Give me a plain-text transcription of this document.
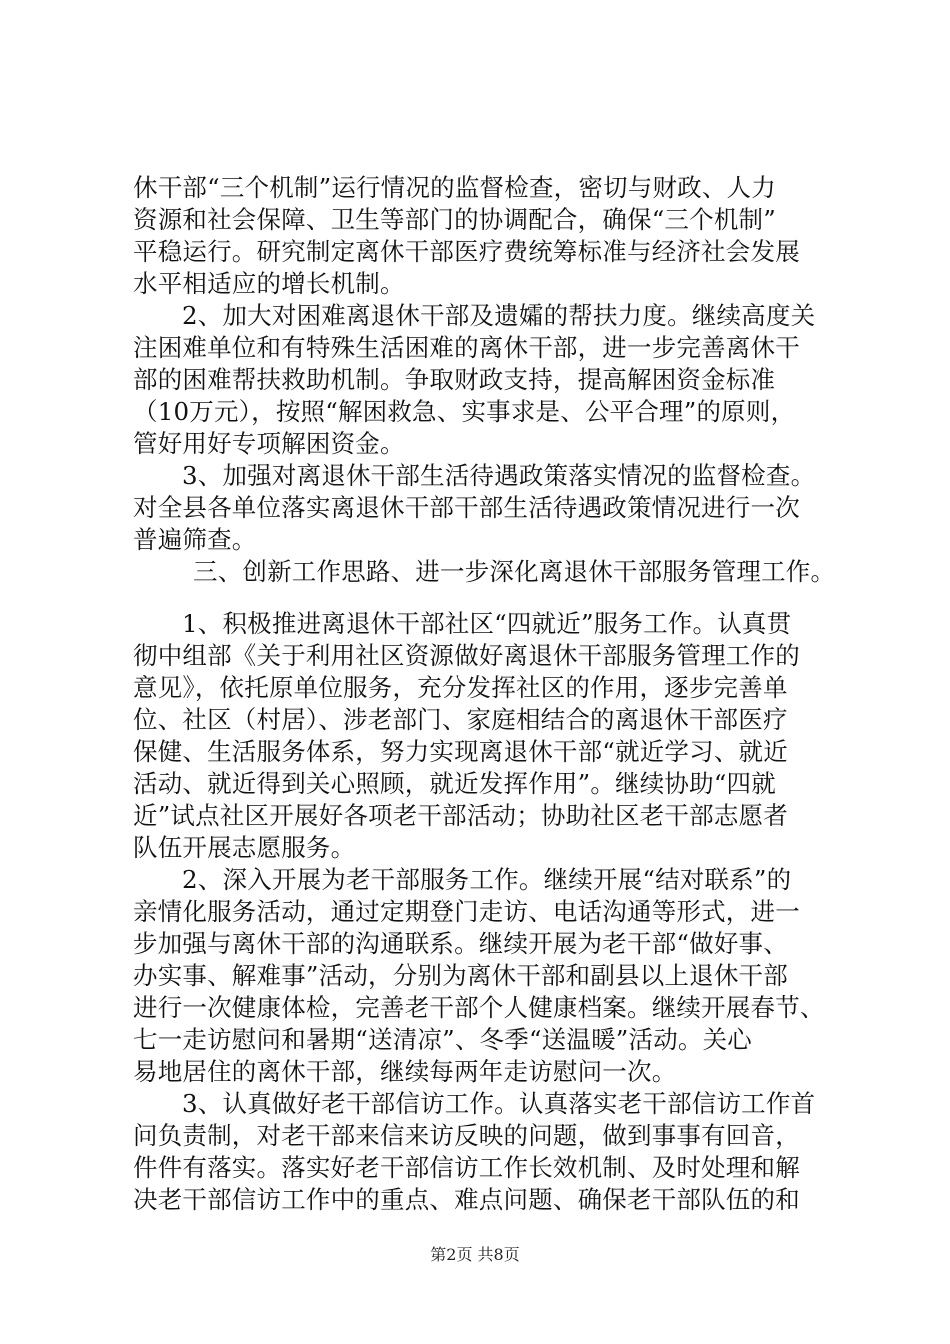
休干部“三个机制”运行情况的监督检查，密切与财政、人力
资源和社会保障、卫生等部门的协调配合，确保“三个机制”
平稳运行。研究制定离休干部医疗费统筹标准与经济社会发展
水平相适应的增长机制。
2、加大对困难离退休干部及遗孀的帮扶力度。继续高度关
注困难单位和有特殊生活困难的离休干部，进一步完善离休干
部的困难帮扶救助机制。争取财政支持，提高解困资金标准
（10万元），按照“解困救急、实事求是、公平合理”的原则，
管好用好专项解困资金。
3、加强对离退休干部生活待遇政策落实情况的监督检查。
对全县各单位落实离退休干部干部生活待遇政策情况进行一次
普遍筛查。
三、创新工作思路、进一步深化离退休干部服务管理工作。
1、积极推进离退休干部社区“四就近”服务工作。认真贯
彻中组部《关于利用社区资源做好离退休干部服务管理工作的
意见》，依托原单位服务，充分发挥社区的作用，逐步完善单
位、社区（村居）、涉老部门、家庭相结合的离退休干部医疗
保健、生活服务体系，努力实现离退休干部“就近学习、就近
活动、就近得到关心照顾，就近发挥作用”。继续协助“四就
近”试点社区开展好各项老干部活动；协助社区老干部志愿者
队伍开展志愿服务。
2、深入开展为老干部服务工作。继续开展“结对联系”的
亲情化服务活动，通过定期登门走访、电话沟通等形式，进一
步加强与离休干部的沟通联系。继续开展为老干部“做好事、
办实事、解难事”活动，分别为离休干部和副县以上退休干部
进行一次健康体检，完善老干部个人健康档案。继续开展春节、
七一走访慰问和暑期“送清凉”、冬季“送温暖”活动。关心
易地居住的离休干部，继续每两年走访慰问一次。
3、认真做好老干部信访工作。认真落实老干部信访工作首
问负责制，对老干部来信来访反映的问题，做到事事有回音，
件件有落实。落实好老干部信访工作长效机制、及时处理和解
决老干部信访工作中的重点、难点问题、确保老干部队伍的和
第2页 共8页
